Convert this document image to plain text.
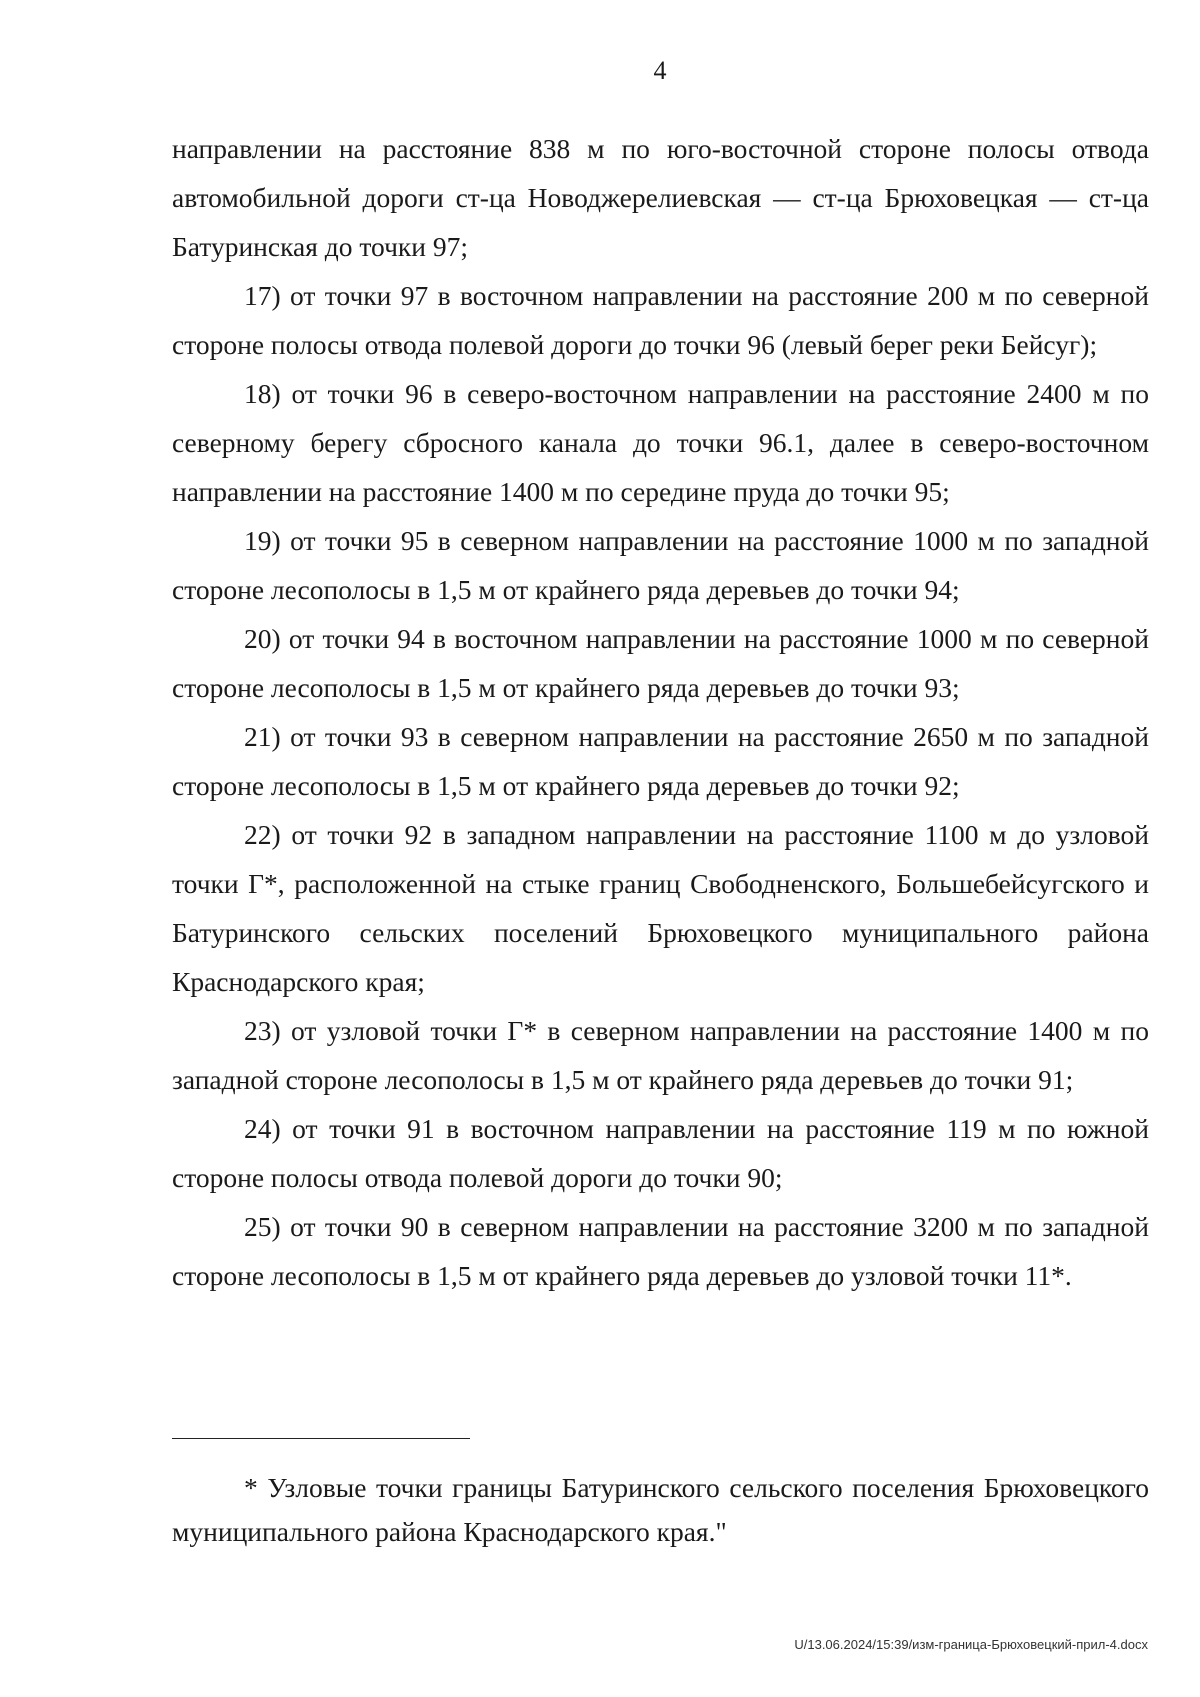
4

направлении на расстояние 838 м по юго-восточной стороне полосы отвода автомобильной дороги ст-ца Новоджерелиевская — ст-ца Брюховецкая — ст-ца Батуринская до точки 97;

17) от точки 97 в восточном направлении на расстояние 200 м по северной стороне полосы отвода полевой дороги до точки 96 (левый берег реки Бейсуг);

18) от точки 96 в северо-восточном направлении на расстояние 2400 м по северному берегу сбросного канала до точки 96.1, далее в северо-восточном направлении на расстояние 1400 м по середине пруда до точки 95;

19) от точки 95 в северном направлении на расстояние 1000 м по западной стороне лесополосы в 1,5 м от крайнего ряда деревьев до точки 94;

20) от точки 94 в восточном направлении на расстояние 1000 м по северной стороне лесополосы в 1,5 м от крайнего ряда деревьев до точки 93;

21) от точки 93 в северном направлении на расстояние 2650 м по западной стороне лесополосы в 1,5 м от крайнего ряда деревьев до точки 92;

22) от точки 92 в западном направлении на расстояние 1100 м до узловой точки Г*, расположенной на стыке границ Свободненского, Большебейсугского и Батуринского сельских поселений Брюховецкого муниципального района Краснодарского края;

23) от узловой точки Г* в северном направлении на расстояние 1400 м по западной стороне лесополосы в 1,5 м от крайнего ряда деревьев до точки 91;

24) от точки 91 в восточном направлении на расстояние 119 м по южной стороне полосы отвода полевой дороги до точки 90;

25) от точки 90 в северном направлении на расстояние 3200 м по западной стороне лесополосы в 1,5 м от крайнего ряда деревьев до узловой точки 11*.

* Узловые точки границы Батуринского сельского поселения Брюховецкого муниципального района Краснодарского края."

U/13.06.2024/15:39/изм-граница-Брюховецкий-прил-4.docx
